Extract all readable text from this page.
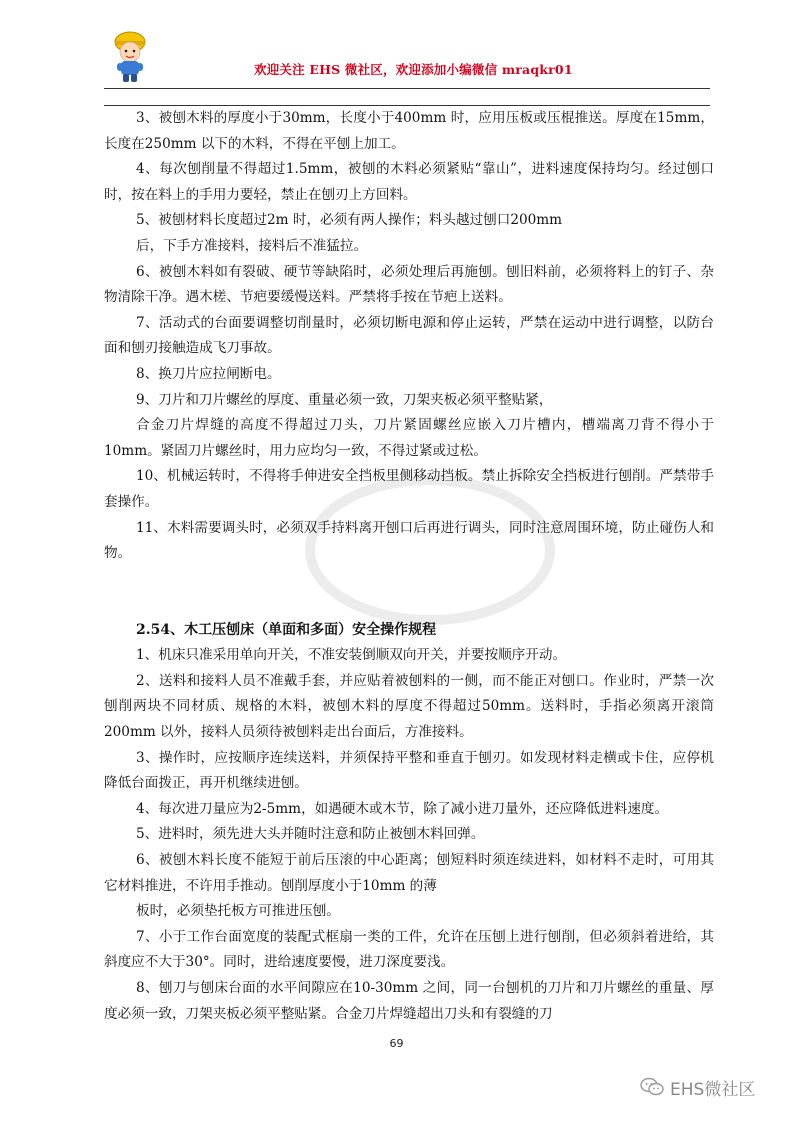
欢迎关注 EHS 微社区，欢迎添加小编微信 mraqkr01

3、被刨木料的厚度小于30mm，长度小于400mm 时，应用压板或压棍推送。厚度在15mm，长度在250mm 以下的木料，不得在平刨上加工。

4、每次刨削量不得超过1.5mm，被刨的木料必须紧贴“靠山”，进料速度保持均匀。经过刨口时，按在料上的手用力要轻，禁止在刨刃上方回料。

5、被刨材料长度超过2m 时，必须有两人操作；料头越过刨口200mm

后，下手方准接料，接料后不准猛拉。

6、被刨木料如有裂破、硬节等缺陷时，必须处理后再施刨。刨旧料前，必须将料上的钉子、杂物清除干净。遇木槎、节疤要缓慢送料。严禁将手按在节疤上送料。

7、活动式的台面要调整切削量时，必须切断电源和停止运转，严禁在运动中进行调整，以防台面和刨刃接触造成飞刀事故。

8、换刀片应拉闸断电。

9、刀片和刀片螺丝的厚度、重量必须一致，刀架夹板必须平整贴紧，

合金刀片焊缝的高度不得超过刀头，刀片紧固螺丝应嵌入刀片槽内，槽端离刀背不得小于10mm。紧固刀片螺丝时，用力应均匀一致，不得过紧或过松。

10、机械运转时，不得将手伸进安全挡板里侧移动挡板。禁止拆除安全挡板进行刨削。严禁带手套操作。

11、木料需要调头时，必须双手持料离开刨口后再进行调头，同时注意周围环境，防止碰伤人和物。

2.54、木工压刨床（单面和多面）安全操作规程

1、机床只准采用单向开关，不准安装倒顺双向开关，并要按顺序开动。

2、送料和接料人员不准戴手套，并应贴着被刨料的一侧，而不能正对刨口。作业时，严禁一次刨削两块不同材质、规格的木料，被刨木料的厚度不得超过50mm。送料时，手指必须离开滚筒200mm 以外，接料人员须待被刨料走出台面后，方准接料。

3、操作时，应按顺序连续送料，并须保持平整和垂直于刨刃。如发现材料走横或卡住，应停机降低台面拨正，再开机继续进刨。

4、每次进刀量应为2-5mm，如遇硬木或木节，除了减小进刀量外，还应降低进料速度。

5、进料时，须先进大头并随时注意和防止被刨木料回弹。

6、被刨木料长度不能短于前后压滚的中心距离；刨短料时须连续进料，如材料不走时，可用其它材料推进，不许用手推动。刨削厚度小于10mm 的薄

板时，必须垫托板方可推进压刨。

7、小于工作台面宽度的装配式框扇一类的工件，允许在压刨上进行刨削，但必须斜着进给，其斜度应不大于30°。同时，进给速度要慢，进刀深度要浅。

8、刨刀与刨床台面的水平间隙应在10-30mm 之间，同一台刨机的刀片和刀片螺丝的重量、厚度必须一致，刀架夹板必须平整贴紧。合金刀片焊缝超出刀头和有裂缝的刀

69
EHS微社区
